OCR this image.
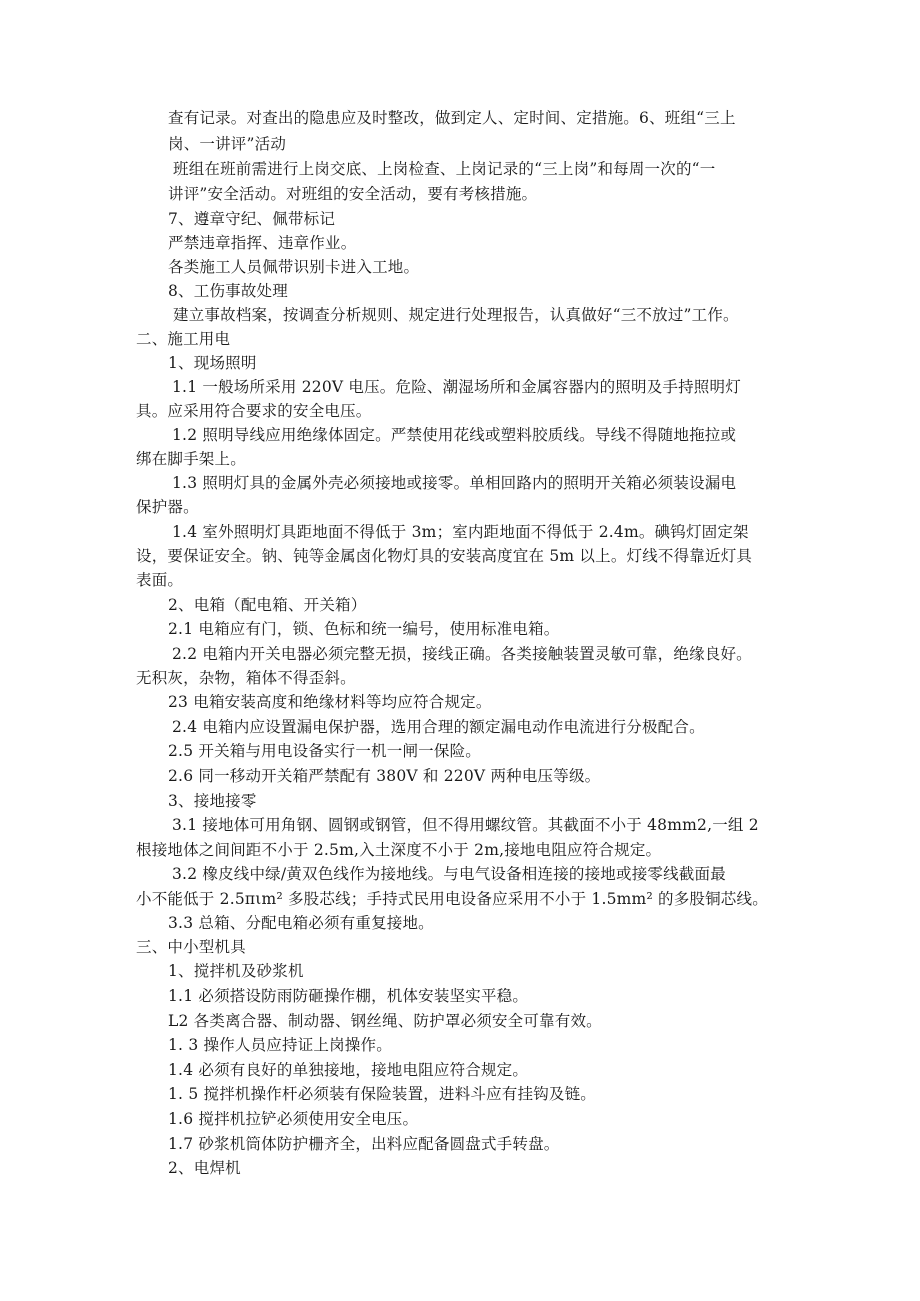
查有记录。对查出的隐患应及时整改，做到定人、定时间、定措施。6、班组“三上
岗、一讲评”活动
班组在班前需进行上岗交底、上岗检查、上岗记录的“三上岗”和每周一次的“一
讲评”安全活动。对班组的安全活动，要有考核措施。
7、遵章守纪、佩带标记
严禁违章指挥、违章作业。
各类施工人员佩带识别卡进入工地。
8、工伤事故处理
建立事故档案，按调查分析规则、规定进行处理报告，认真做好“三不放过”工作。
二、施工用电
1、现场照明
1.1 一般场所采用 220V 电压。危险、潮湿场所和金属容器内的照明及手持照明灯
具。应采用符合要求的安全电压。
1.2 照明导线应用绝缘体固定。严禁使用花线或塑料胶质线。导线不得随地拖拉或
绑在脚手架上。
1.3 照明灯具的金属外壳必须接地或接零。单相回路内的照明开关箱必须装设漏电
保护器。
1.4 室外照明灯具距地面不得低于 3m；室内距地面不得低于 2.4m。碘钨灯固定架
设，要保证安全。钠、钝等金属卤化物灯具的安装高度宜在 5m 以上。灯线不得靠近灯具
表面。
2、电箱（配电箱、开关箱）
2.1 电箱应有门，锁、色标和统一编号，使用标准电箱。
2.2 电箱内开关电器必须完整无损，接线正确。各类接触装置灵敏可靠，绝缘良好。
无积灰，杂物，箱体不得歪斜。
23 电箱安装高度和绝缘材料等均应符合规定。
2.4 电箱内应设置漏电保护器，选用合理的额定漏电动作电流进行分极配合。
2.5 开关箱与用电设备实行一机一闸一保险。
2.6 同一移动开关箱严禁配有 380V 和 220V 两种电压等级。
3、接地接零
3.1 接地体可用角钢、圆钢或钢管，但不得用螺纹管。其截面不小于 48mm2,一组 2
根接地体之间间距不小于 2.5m,入土深度不小于 2m,接地电阻应符合规定。
3.2 橡皮线中绿/黄双色线作为接地线。与电气设备相连接的接地或接零线截面最
小不能低于 2.5πιm² 多股芯线；手持式民用电设备应采用不小于 1.5mm² 的多股铜芯线。
3.3 总箱、分配电箱必须有重复接地。
三、中小型机具
1、搅拌机及砂浆机
1.1 必须搭设防雨防砸操作棚，机体安装坚实平稳。
L2 各类离合器、制动器、钢丝绳、防护罩必须安全可靠有效。
1. 3 操作人员应持证上岗操作。
1.4 必须有良好的单独接地，接地电阻应符合规定。
1. 5 搅拌机操作杆必须装有保险装置，进料斗应有挂钩及链。
1.6 搅拌机拉铲必须使用安全电压。
1.7 砂浆机筒体防护栅齐全，出料应配备圆盘式手转盘。
2、电焊机
